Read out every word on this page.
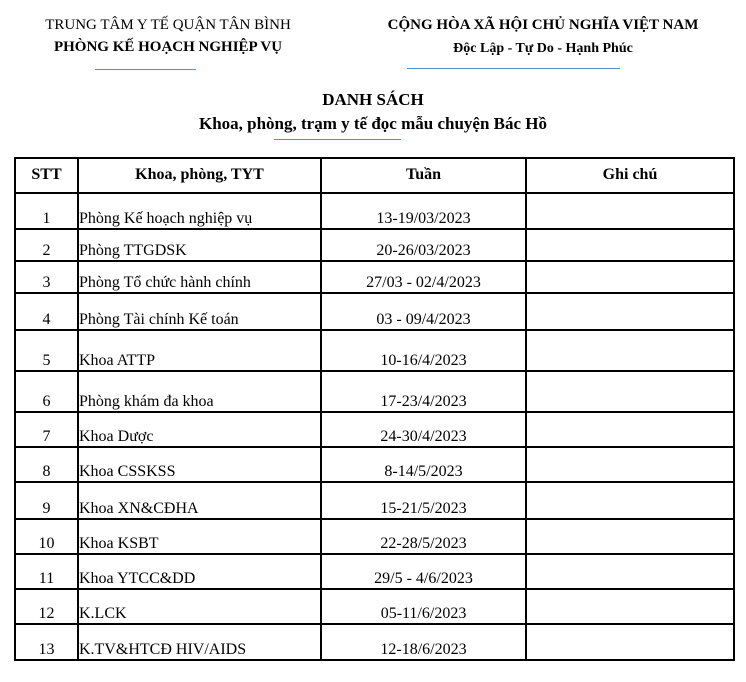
TRUNG TÂM Y TẾ QUẬN TÂN BÌNH
PHÒNG KẾ HOẠCH NGHIỆP VỤ
CỘNG HÒA XÃ HỘI CHỦ NGHĨA VIỆT NAM
Độc Lập - Tự Do - Hạnh Phúc
DANH SÁCH
Khoa, phòng, trạm y tế đọc mẫu chuyện Bác Hồ
STT	Khoa, phòng, TYT	Tuần	Ghi chú
1	Phòng Kế hoạch nghiệp vụ	13-19/03/2023	
2	Phòng TTGDSK	20-26/03/2023	
3	Phòng Tổ chức hành chính	27/03 - 02/4/2023	
4	Phòng Tài chính Kế toán	03 - 09/4/2023	
5	Khoa ATTP	10-16/4/2023	
6	Phòng khám đa khoa	17-23/4/2023	
7	Khoa Dược	24-30/4/2023	
8	Khoa CSSKSS	8-14/5/2023	
9	Khoa XN&CĐHA	15-21/5/2023	
10	Khoa KSBT	22-28/5/2023	
11	Khoa YTCC&DD	29/5 - 4/6/2023	
12	K.LCK	05-11/6/2023	
13	K.TV&HTCĐ HIV/AIDS	12-18/6/2023	
